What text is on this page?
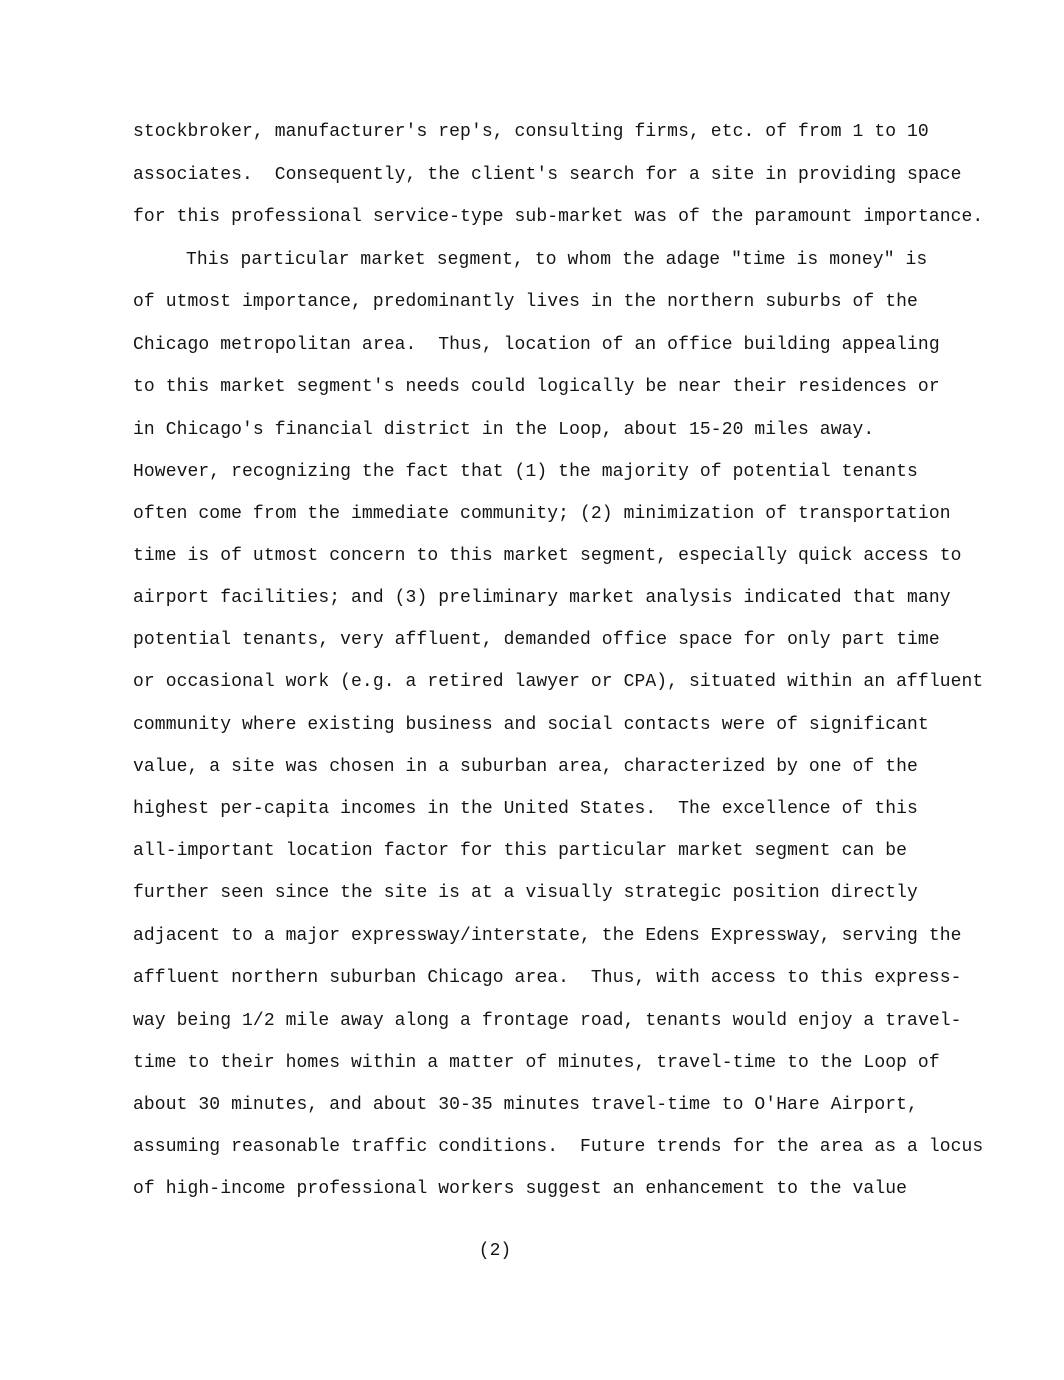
stockbroker, manufacturer's rep's, consulting firms, etc. of from 1 to 10
associates.  Consequently, the client's search for a site in providing space
for this professional service-type sub-market was of the paramount importance.
This particular market segment, to whom the adage "time is money" is
of utmost importance, predominantly lives in the northern suburbs of the
Chicago metropolitan area.  Thus, location of an office building appealing
to this market segment's needs could logically be near their residences or
in Chicago's financial district in the Loop, about 15-20 miles away.
However, recognizing the fact that (1) the majority of potential tenants
often come from the immediate community; (2) minimization of transportation
time is of utmost concern to this market segment, especially quick access to
airport facilities; and (3) preliminary market analysis indicated that many
potential tenants, very affluent, demanded office space for only part time
or occasional work (e.g. a retired lawyer or CPA), situated within an affluent
community where existing business and social contacts were of significant
value, a site was chosen in a suburban area, characterized by one of the
highest per-capita incomes in the United States.  The excellence of this
all-important location factor for this particular market segment can be
further seen since the site is at a visually strategic position directly
adjacent to a major expressway/interstate, the Edens Expressway, serving the
affluent northern suburban Chicago area.  Thus, with access to this express-
way being 1/2 mile away along a frontage road, tenants would enjoy a travel-
time to their homes within a matter of minutes, travel-time to the Loop of
about 30 minutes, and about 30-35 minutes travel-time to O'Hare Airport,
assuming reasonable traffic conditions.  Future trends for the area as a locus
of high-income professional workers suggest an enhancement to the value
(2)
